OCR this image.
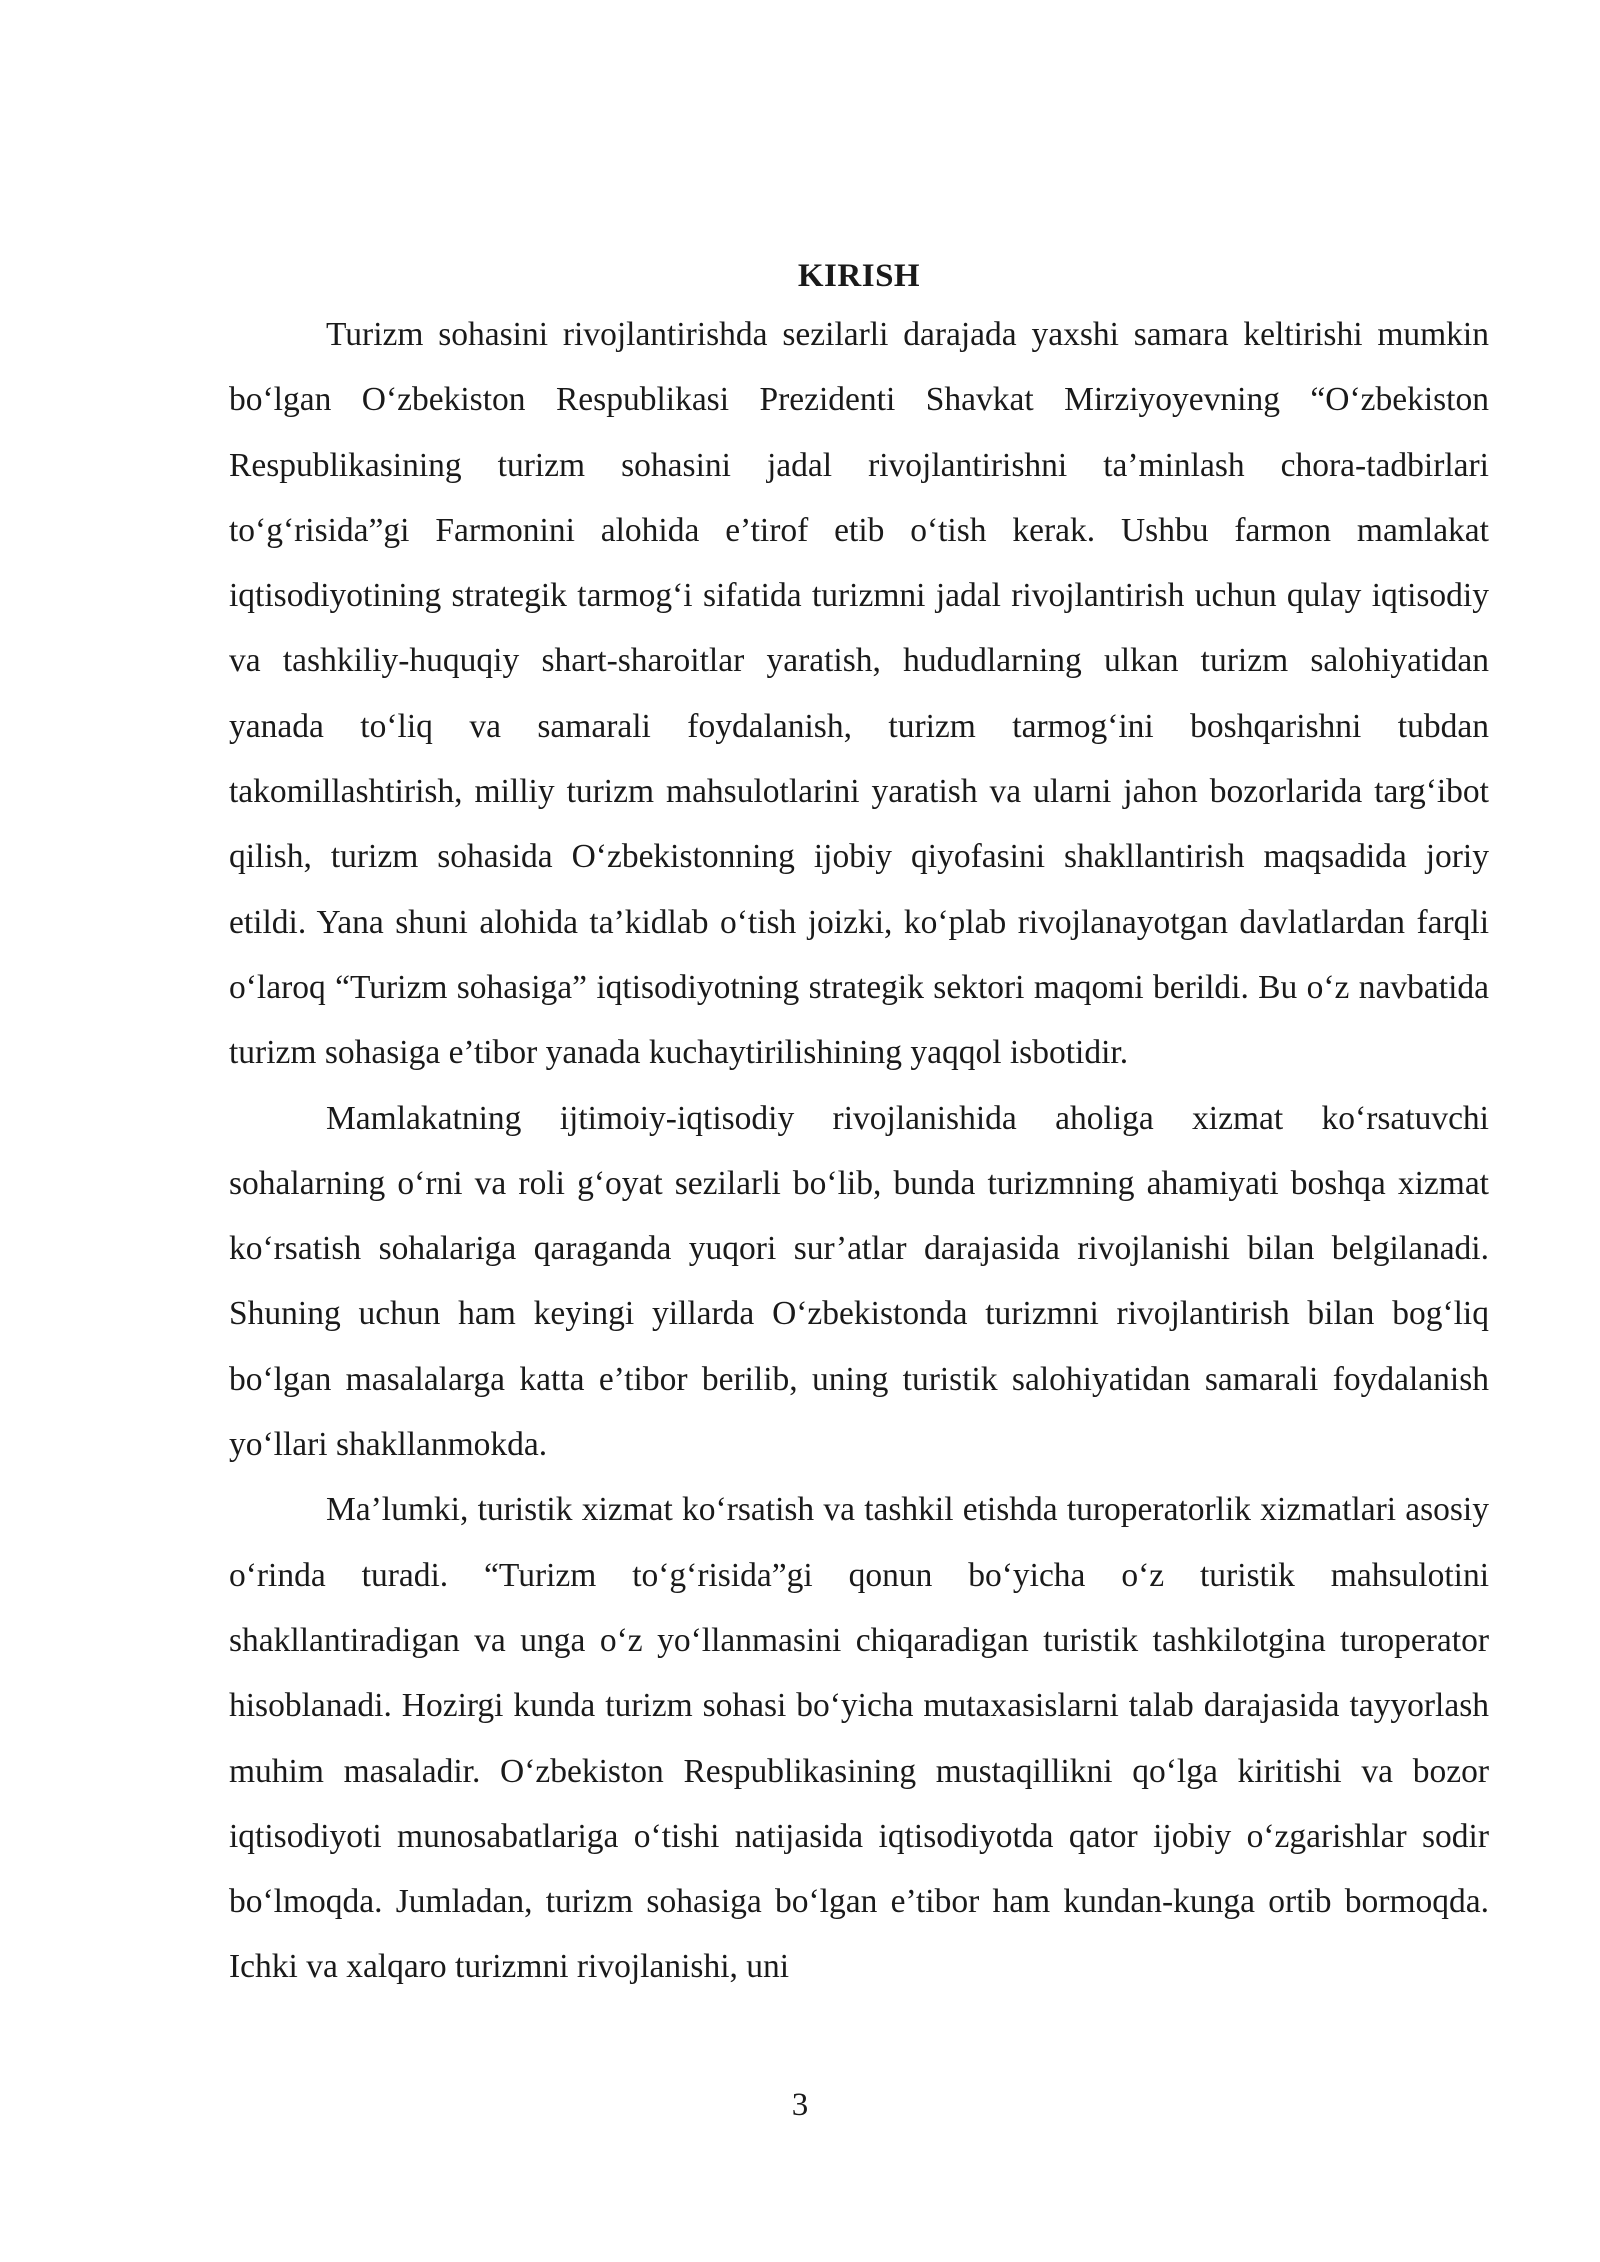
KIRISH

Turizm sohasini rivojlantirishda sezilarli darajada yaxshi samara keltirishi mumkin bo‘lgan O‘zbekiston Respublikasi Prezidenti Shavkat Mirziyoyevning “O‘zbekiston Respublikasining turizm sohasini jadal rivojlantirishni ta’minlash chora-tadbirlari to‘g‘risida”gi Farmonini alohida e’tirof etib o‘tish kerak. Ushbu farmon mamlakat iqtisodiyotining strategik tarmog‘i sifatida turizmni jadal rivojlantirish uchun qulay iqtisodiy va tashkiliy-huquqiy shart-sharoitlar yaratish, hududlarning ulkan turizm salohiyatidan yanada to‘liq va samarali foydalanish, turizm tarmog‘ini boshqarishni tubdan takomillashtirish, milliy turizm mahsulotlarini yaratish va ularni jahon bozorlarida targ‘ibot qilish, turizm sohasida O‘zbekistonning ijobiy qiyofasini shakllantirish maqsadida joriy etildi. Yana shuni alohida ta’kidlab o‘tish joizki, ko‘plab rivojlanayotgan davlatlardan farqli o‘laroq “Turizm sohasiga” iqtisodiyotning strategik sektori maqomi berildi. Bu o‘z navbatida turizm sohasiga e’tibor yanada kuchaytirilishining yaqqol isbotidir.

Mamlakatning ijtimoiy-iqtisodiy rivojlanishida aholiga xizmat ko‘rsatuvchi sohalarning o‘rni va roli g‘oyat sezilarli bo‘lib, bunda turizmning ahamiyati boshqa xizmat ko‘rsatish sohalariga qaraganda yuqori sur’atlar darajasida rivojlanishi bilan belgilanadi. Shuning uchun ham keyingi yillarda O‘zbekistonda turizmni rivojlantirish bilan bog‘liq bo‘lgan masalalarga katta e’tibor berilib, uning turistik salohiyatidan samarali foydalanish yo‘llari shakllanmokda.

Ma’lumki, turistik xizmat ko‘rsatish va tashkil etishda turoperatorlik xizmatlari asosiy o‘rinda turadi. “Turizm to‘g‘risida”gi qonun bo‘yicha o‘z turistik mahsulotini shakllantiradigan va unga o‘z yo‘llanmasini chiqaradigan turistik tashkilotgina turoperator hisoblanadi. Hozirgi kunda turizm sohasi bo‘yicha mutaxasislarni talab darajasida tayyorlash muhim masaladir. O‘zbekiston Respublikasining mustaqillikni qo‘lga kiritishi va bozor iqtisodiyoti munosabatlariga o‘tishi natijasida iqtisodiyotda qator ijobiy o‘zgarishlar sodir bo‘lmoqda. Jumladan, turizm sohasiga bo‘lgan e’tibor ham kundan-kunga ortib bormoqda. Ichki va xalqaro turizmni rivojlanishi, uni

3
